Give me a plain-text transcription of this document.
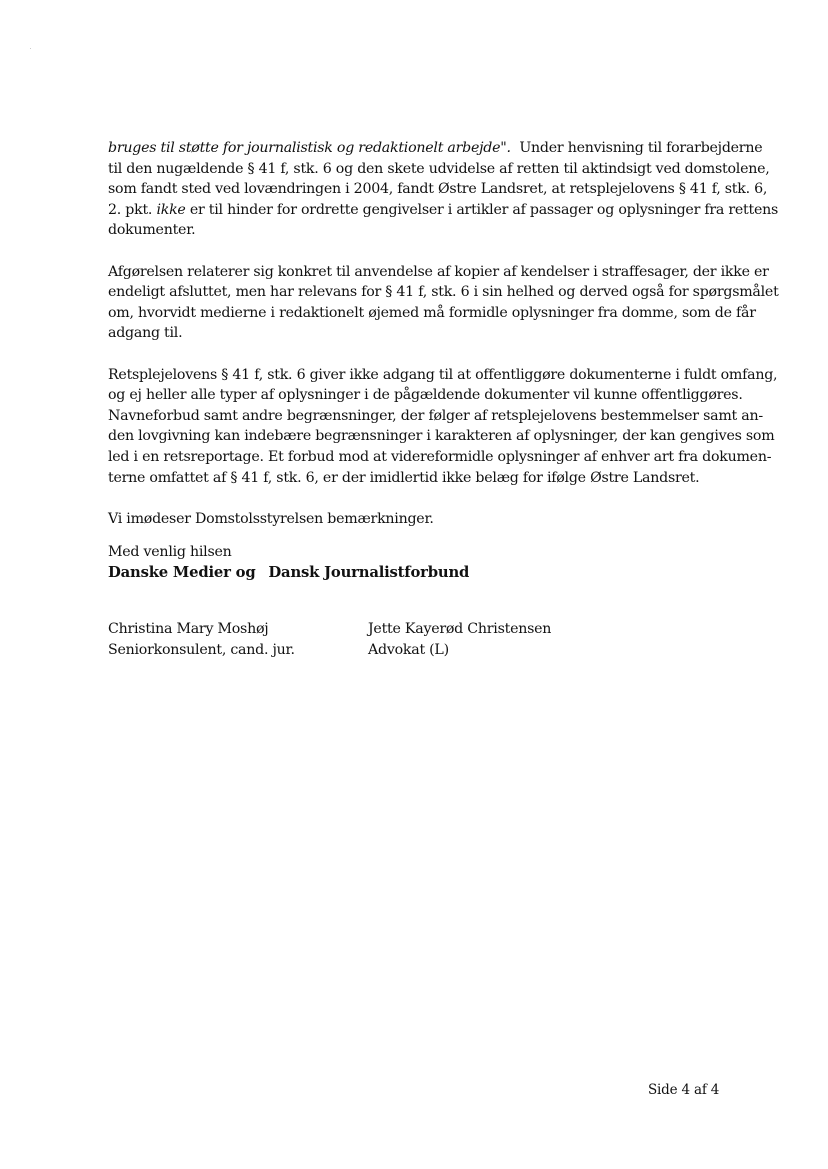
bruges til støtte for journalistisk og redaktionelt arbejde".  Under henvisning til forarbejderne
til den nugældende § 41 f, stk. 6 og den skete udvidelse af retten til aktindsigt ved domstolene,
som fandt sted ved lovændringen i 2004, fandt Østre Landsret, at retsplejelovens § 41 f, stk. 6,
2. pkt. ikke er til hinder for ordrette gengivelser i artikler af passager og oplysninger fra rettens
dokumenter.

Afgørelsen relaterer sig konkret til anvendelse af kopier af kendelser i straffesager, der ikke er
endeligt afsluttet, men har relevans for § 41 f, stk. 6 i sin helhed og derved også for spørgsmålet
om, hvorvidt medierne i redaktionelt øjemed må formidle oplysninger fra domme, som de får
adgang til.

Retsplejelovens § 41 f, stk. 6 giver ikke adgang til at offentliggøre dokumenterne i fuldt omfang,
og ej heller alle typer af oplysninger i de pågældende dokumenter vil kunne offentliggøres.
Navneforbud samt andre begrænsninger, der følger af retsplejelovens bestemmelser samt an-
den lovgivning kan indebære begrænsninger i karakteren af oplysninger, der kan gengives som
led i en retsreportage. Et forbud mod at videreformidle oplysninger af enhver art fra dokumen-
terne omfattet af § 41 f, stk. 6, er der imidlertid ikke belæg for ifølge Østre Landsret.

Vi imødeser Domstolsstyrelsen bemærkninger.

Med venlig hilsen
Danske Medier og Dansk Journalistforbund
Christina Mary Moshøj
Seniorkonsulent, cand. jur.
Jette Kayerød Christensen
Advokat (L)
Side 4 af 4
